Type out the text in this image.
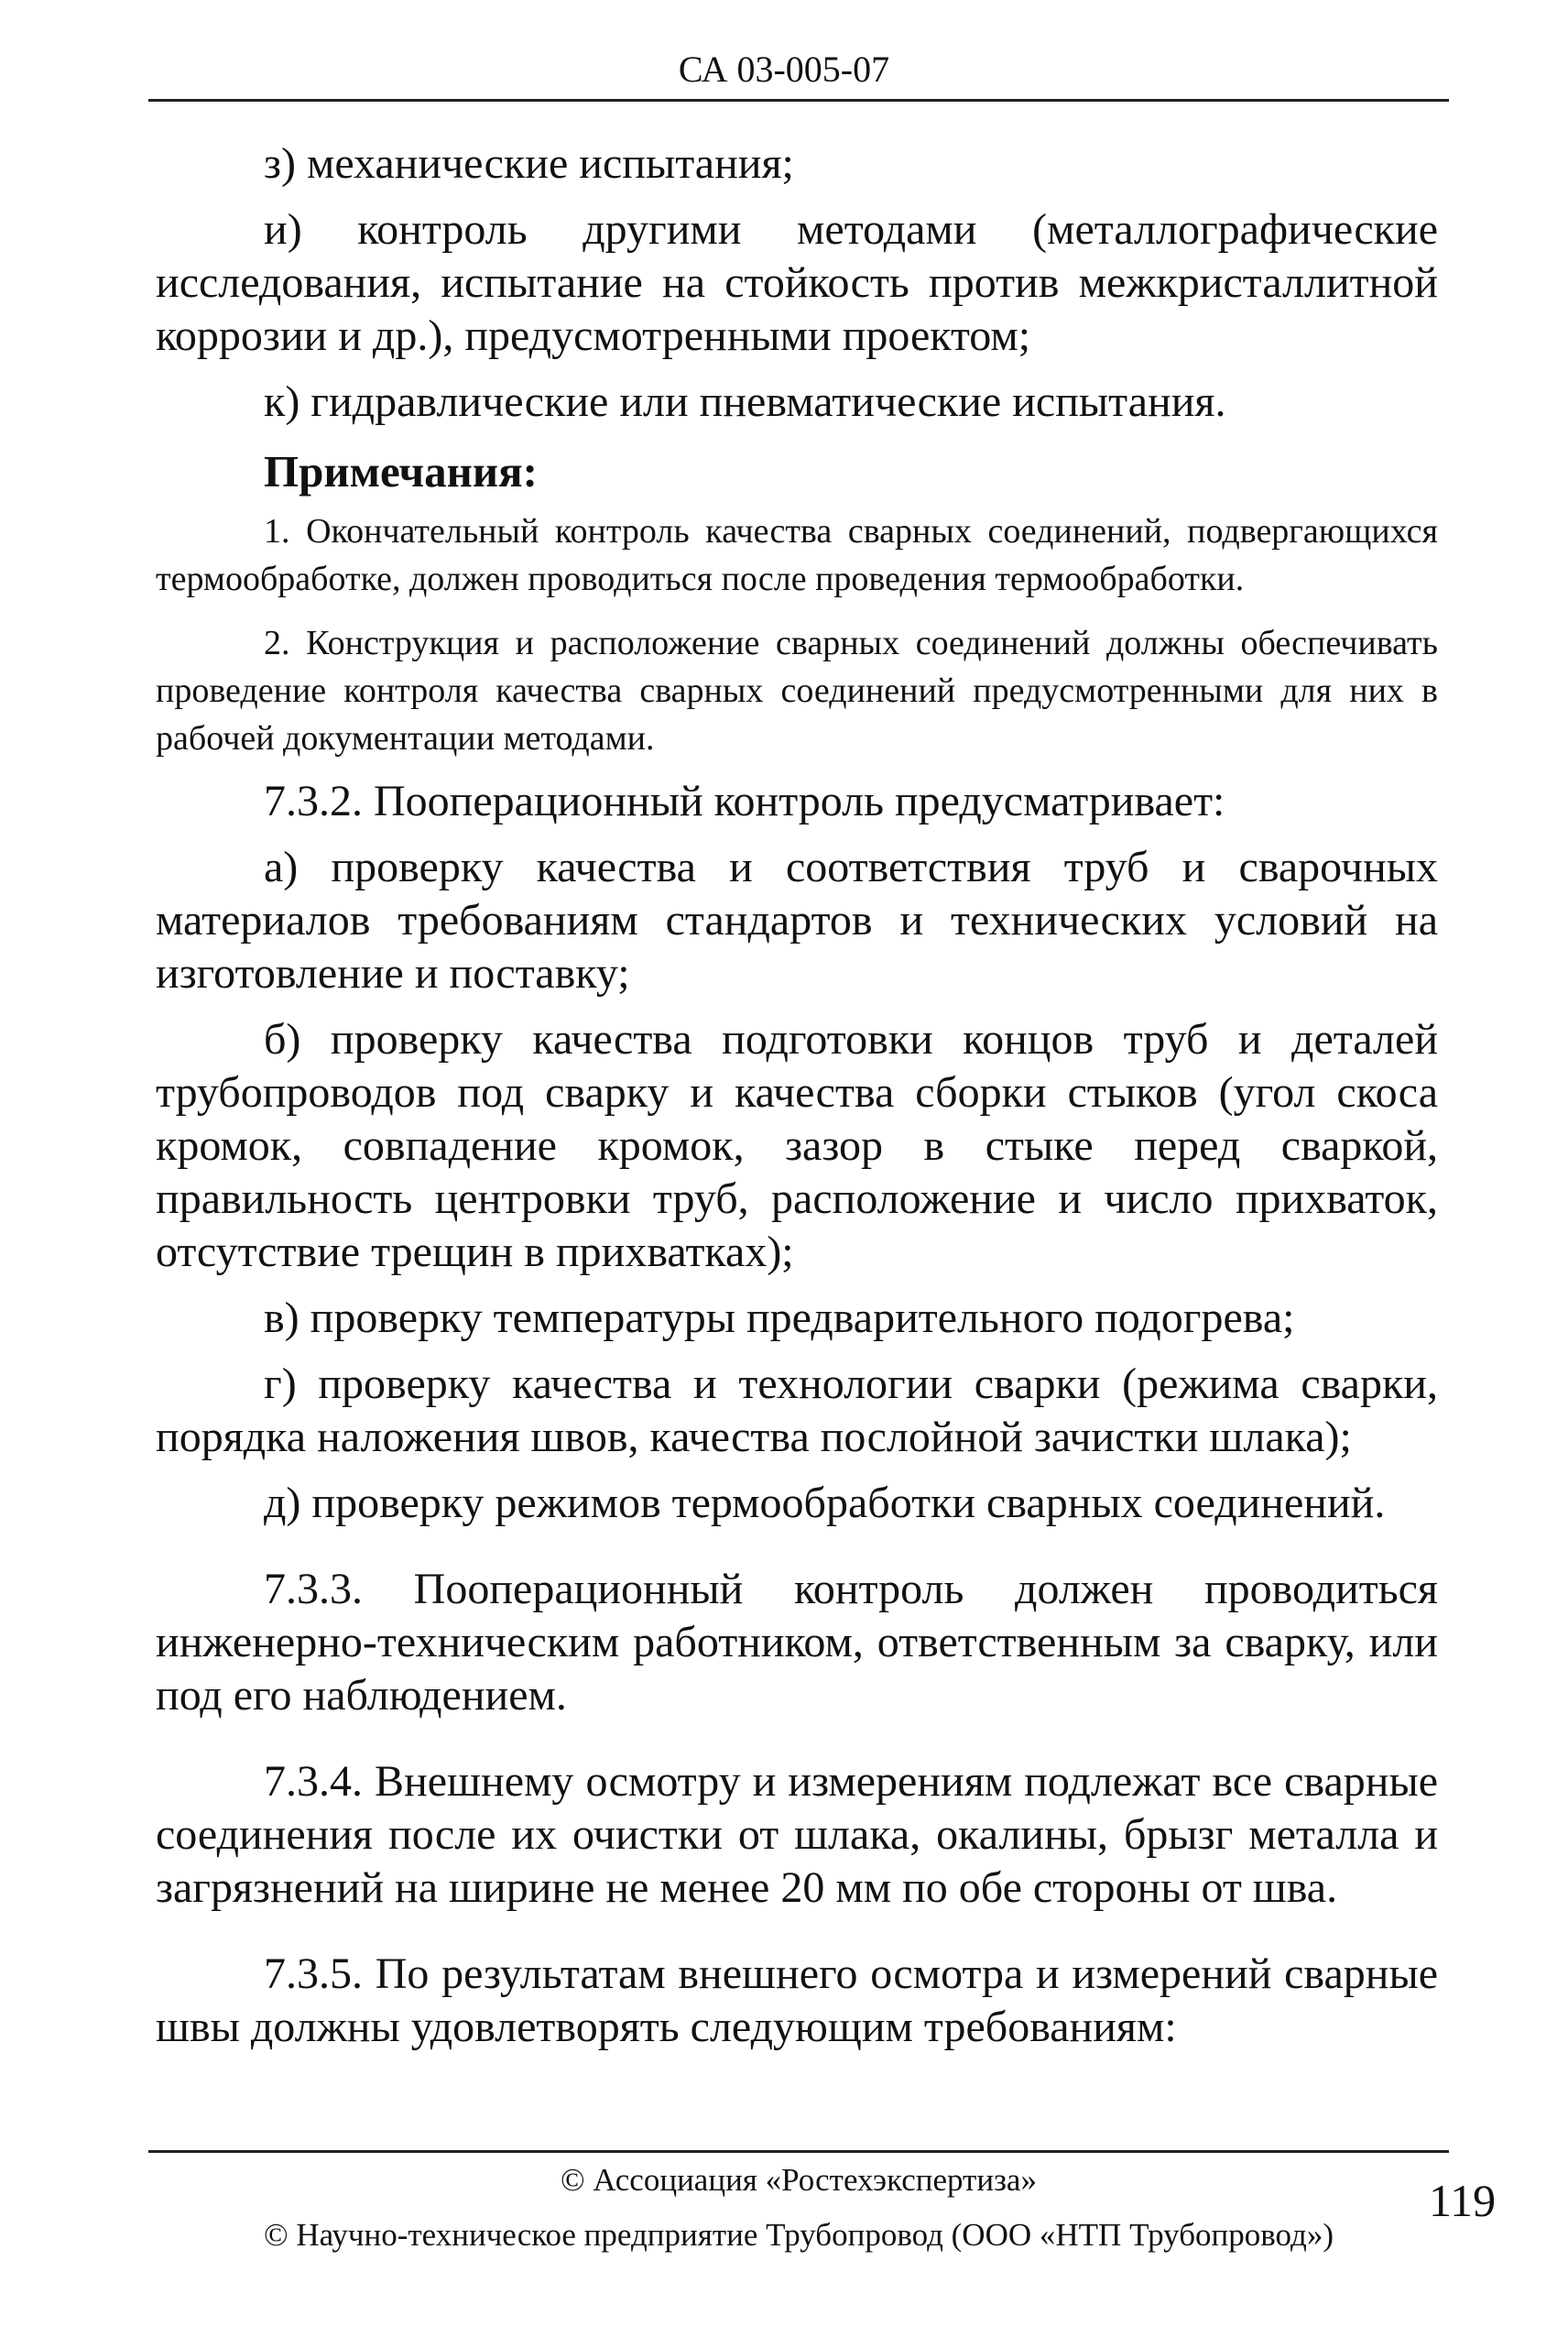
СА 03-005-07

з) механические испытания;

и) контроль другими методами (металлографические исследования, испытание на стойкость против межкристаллитной коррозии и др.), предусмотренными проектом;

к) гидравлические или пневматические испытания.

Примечания:

1. Окончательный контроль качества сварных соединений, подвергающихся термообработке, должен проводиться после проведения термообработки.

2. Конструкция и расположение сварных соединений должны обеспечивать проведение контроля качества сварных соединений предусмотренными для них в рабочей документации методами.

7.3.2. Пооперационный контроль предусматривает:

а) проверку качества и соответствия труб и сварочных материалов требованиям стандартов и технических условий на изготовление и поставку;

б) проверку качества подготовки концов труб и деталей трубопроводов под сварку и качества сборки стыков (угол скоса кромок, совпадение кромок, зазор в стыке перед сваркой, правильность центровки труб, расположение и число прихваток, отсутствие трещин в прихватках);

в) проверку температуры предварительного подогрева;

г) проверку качества и технологии сварки (режима сварки, порядка наложения швов, качества послойной зачистки шлака);

д) проверку режимов термообработки сварных соединений.

7.3.3. Пооперационный контроль должен проводиться инженерно-техническим работником, ответственным за сварку, или под его наблюдением.

7.3.4. Внешнему осмотру и измерениям подлежат все сварные соединения после их очистки от шлака, окалины, брызг металла и загрязнений на ширине не менее 20 мм по обе стороны от шва.

7.3.5. По результатам внешнего осмотра и измерений сварные швы должны удовлетворять следующим требованиям:

© Ассоциация «Ростехэкспертиза»
© Научно-техническое предприятие Трубопровод (ООО «НТП Трубопровод»)
119
